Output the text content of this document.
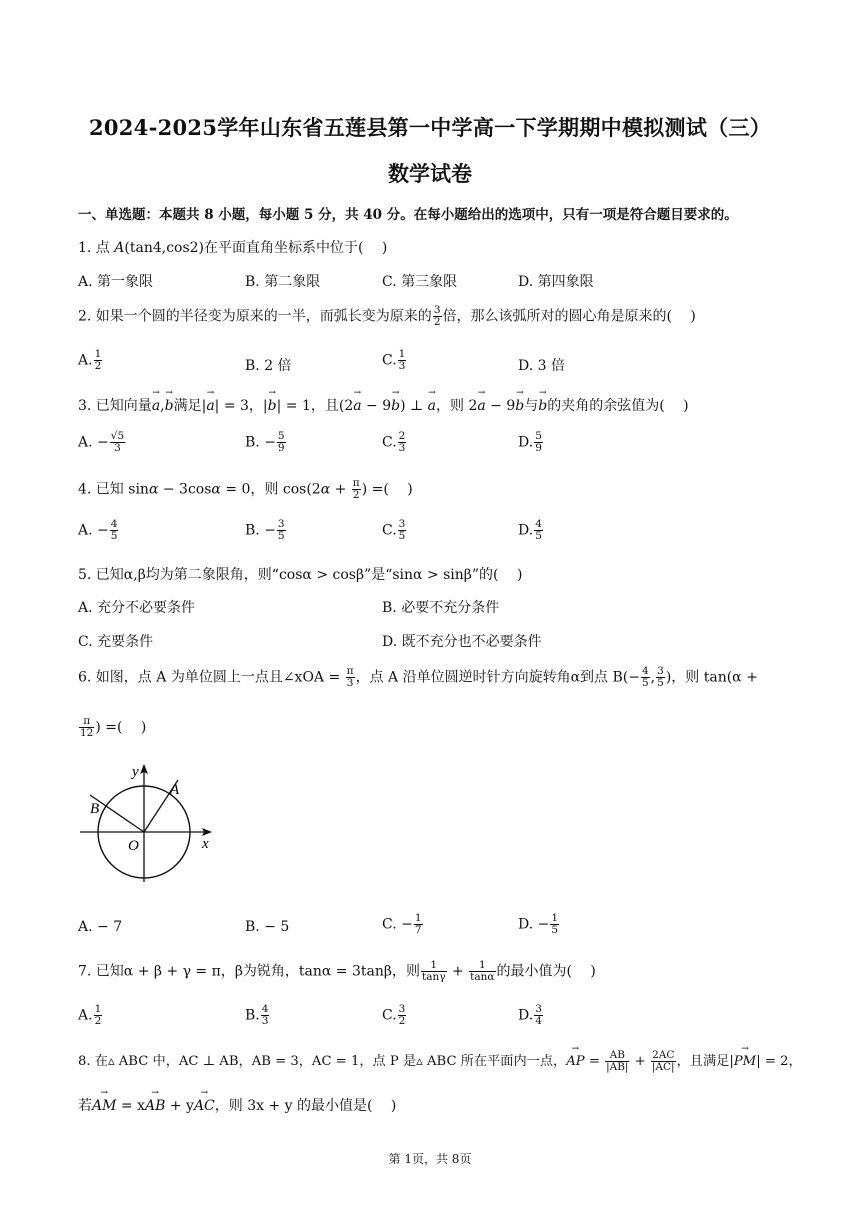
2024-2025学年山东省五莲县第一中学高一下学期期中模拟测试（三）
数学试卷
一、单选题：本题共 8 小题，每小题 5 分，共 40 分。在每小题给出的选项中，只有一项是符合题目要求的。
1. 点 A(tan4,cos2)在平面直角坐标系中位于(　 )
A. 第一象限	B. 第二象限	C. 第三象限	D. 第四象限
2. 如果一个圆的半径变为原来的一半，而弧长变为原来的 $\frac{3}{2}$ 倍，那么该弧所对的圆心角是原来的(　 )
A. $\frac{1}{2}$	B. 2 倍	C. $\frac{1}{3}$	D. 3 倍
3. 已知向量→ a,→ b满足|→ a| = 3，|→ b| = 1，且(2→ a − 9→ b) ⊥ → a，则 2→ a − 9→ b与→ b的夹角的余弦值为(　 )
A. − $\frac{√5}{3}$	B. − $\frac{5}{9}$	C. $\frac{2}{3}$	D. $\frac{5}{9}$
4. 已知 sinα − 3cosα = 0，则 $\cos(2\alpha + \frac{\pi}{2}$ ) =(　 )
A. − $\frac{4}{5}$	B. − $\frac{3}{5}$	C. $\frac{3}{5}$	D. $\frac{4}{5}$
5. 已知α,β均为第二象限角，则“cosα > cosβ”是“sinα > sinβ”的(　 )
A. 充分不必要条件	B. 必要不充分条件
C. 充要条件	D. 既不充分也不必要条件
6. 如图，点 A 为单位圆上一点且∠xOA = $\frac{\pi}{3}$ ，点 A 沿单位圆逆时针方向旋转角α到点 $B(- \frac{4}{5}$ , $\frac{3}{5}$ )，则 tan(α +
$\frac{\pi}{12}$ ) =(　 )
y
x
O
A
B
A. − 7	B. − 5	C. − $\frac{1}{7}$	D. − $\frac{1}{5}$
7. 已知α + β + γ = π，β为锐角，tanα = 3tanβ，则 $\frac{1}{\tan\gamma} + \frac{1}{\tan\alpha}$ 的最小值为(　 )
A. $\frac{1}{2}$	B. $\frac{4}{3}$	C. $\frac{3}{2}$	D. $\frac{3}{4}$
8. 在▵ ABC 中，AC ⊥ AB，AB = 3，AC = 1，点 P 是▵ ABC 所在平面内一点，→ AP = $\frac{AB}{|AB|} + \frac{2AC}{|AC|}$ ，且满足|→ PM| = 2，
若→ AM = x→ AB + y→ AC，则 3x + y 的最小值是(　 )
第 1页，共 8页
